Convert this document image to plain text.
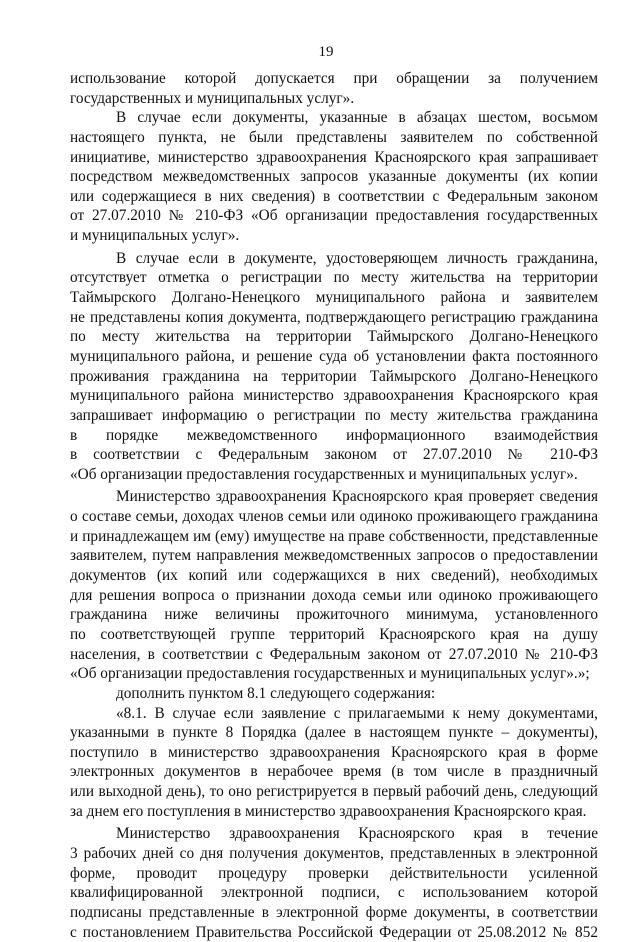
19
использование которой допускается при обращении за получением
государственных и муниципальных услуг».
В случае если документы, указанные в абзацах шестом, восьмом
настоящего пункта, не были представлены заявителем по собственной
инициативе, министерство здравоохранения Красноярского края запрашивает
посредством межведомственных запросов указанные документы (их копии
или содержащиеся в них сведения) в соответствии с Федеральным законом
от 27.07.2010 № 210-ФЗ «Об организации предоставления государственных
и муниципальных услуг».
В случае если в документе, удостоверяющем личность гражданина,
отсутствует отметка о регистрации по месту жительства на территории
Таймырского Долгано-Ненецкого муниципального района и заявителем
не представлены копия документа, подтверждающего регистрацию гражданина
по месту жительства на территории Таймырского Долгано-Ненецкого
муниципального района, и решение суда об установлении факта постоянного
проживания гражданина на территории Таймырского Долгано-Ненецкого
муниципального района министерство здравоохранения Красноярского края
запрашивает информацию о регистрации по месту жительства гражданина
в порядке межведомственного информационного взаимодействия
в соответствии с Федеральным законом от 27.07.2010 № 210-ФЗ
«Об организации предоставления государственных и муниципальных услуг».
Министерство здравоохранения Красноярского края проверяет сведения
о составе семьи, доходах членов семьи или одиноко проживающего гражданина
и принадлежащем им (ему) имуществе на праве собственности, представленные
заявителем, путем направления межведомственных запросов о предоставлении
документов (их копий или содержащихся в них сведений), необходимых
для решения вопроса о признании дохода семьи или одиноко проживающего
гражданина ниже величины прожиточного минимума, установленного
по соответствующей группе территорий Красноярского края на душу
населения, в соответствии с Федеральным законом от 27.07.2010 № 210-ФЗ
«Об организации предоставления государственных и муниципальных услуг».»;
дополнить пунктом 8.1 следующего содержания:
«8.1. В случае если заявление с прилагаемыми к нему документами,
указанными в пункте 8 Порядка (далее в настоящем пункте – документы),
поступило в министерство здравоохранения Красноярского края в форме
электронных документов в нерабочее время (в том числе в праздничный
или выходной день), то оно регистрируется в первый рабочий день, следующий
за днем его поступления в министерство здравоохранения Красноярского края.
Министерство здравоохранения Красноярского края в течение
3 рабочих дней со дня получения документов, представленных в электронной
форме, проводит процедуру проверки действительности усиленной
квалифицированной электронной подписи, с использованием которой
подписаны представленные в электронной форме документы, в соответствии
с постановлением Правительства Российской Федерации от 25.08.2012 № 852
